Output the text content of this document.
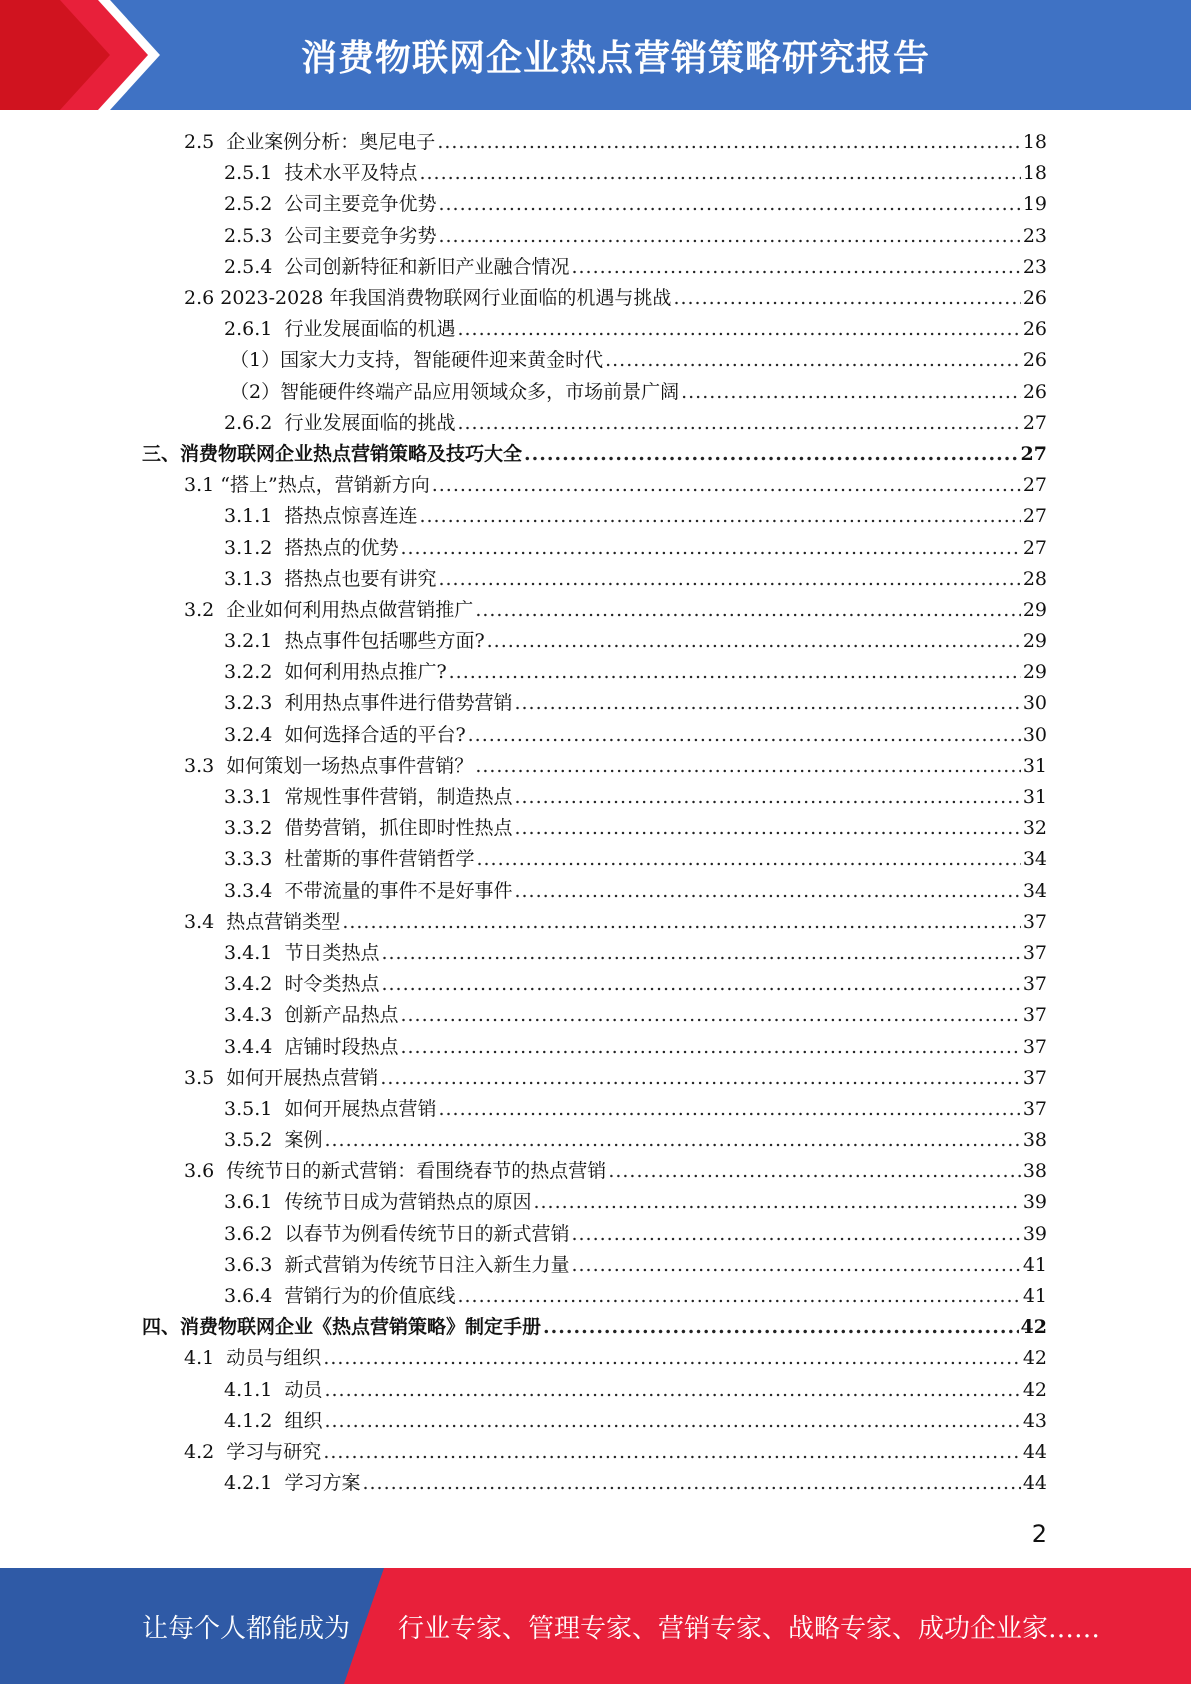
消费物联网企业热点营销策略研究报告
2.5 企业案例分析：奥尼电子 .....	18
2.5.1 技术水平及特点 .....	18
2.5.2 公司主要竞争优势 .....	19
2.5.3 公司主要竞争劣势 .....	23
2.5.4 公司创新特征和新旧产业融合情况 .....	23
2.6 2023-2028 年我国消费物联网行业面临的机遇与挑战 .....	26
2.6.1 行业发展面临的机遇 .....	26
（1）国家大力支持，智能硬件迎来黄金时代 .....	26
（2）智能硬件终端产品应用领域众多，市场前景广阔 .....	26
2.6.2 行业发展面临的挑战 .....	27
三、消费物联网企业热点营销策略及技巧大全 .....	27
3.1 “搭上”热点，营销新方向 .....	27
3.1.1 搭热点惊喜连连 .....	27
3.1.2 搭热点的优势 .....	27
3.1.3 搭热点也要有讲究 .....	28
3.2 企业如何利用热点做营销推广 .....	29
3.2.1 热点事件包括哪些方面? .....	29
3.2.2 如何利用热点推广? .....	29
3.2.3 利用热点事件进行借势营销 .....	30
3.2.4 如何选择合适的平台? .....	30
3.3 如何策划一场热点事件营销？ .....	31
3.3.1 常规性事件营销，制造热点 .....	31
3.3.2 借势营销，抓住即时性热点 .....	32
3.3.3 杜蕾斯的事件营销哲学 .....	34
3.3.4 不带流量的事件不是好事件 .....	34
3.4 热点营销类型 .....	37
3.4.1 节日类热点 .....	37
3.4.2 时令类热点 .....	37
3.4.3 创新产品热点 .....	37
3.4.4 店铺时段热点 .....	37
3.5 如何开展热点营销 .....	37
3.5.1 如何开展热点营销 .....	37
3.5.2 案例 .....	38
3.6 传统节日的新式营销：看围绕春节的热点营销 .....	38
3.6.1 传统节日成为营销热点的原因 .....	39
3.6.2 以春节为例看传统节日的新式营销 .....	39
3.6.3 新式营销为传统节日注入新生力量 .....	41
3.6.4 营销行为的价值底线 .....	41
四、消费物联网企业《热点营销策略》制定手册 .....	42
4.1 动员与组织 .....	42
4.1.1 动员 .....	42
4.1.2 组织 .....	43
4.2 学习与研究 .....	44
4.2.1 学习方案 .....	44
2
让每个人都能成为 行业专家、管理专家、营销专家、战略专家、成功企业家……
